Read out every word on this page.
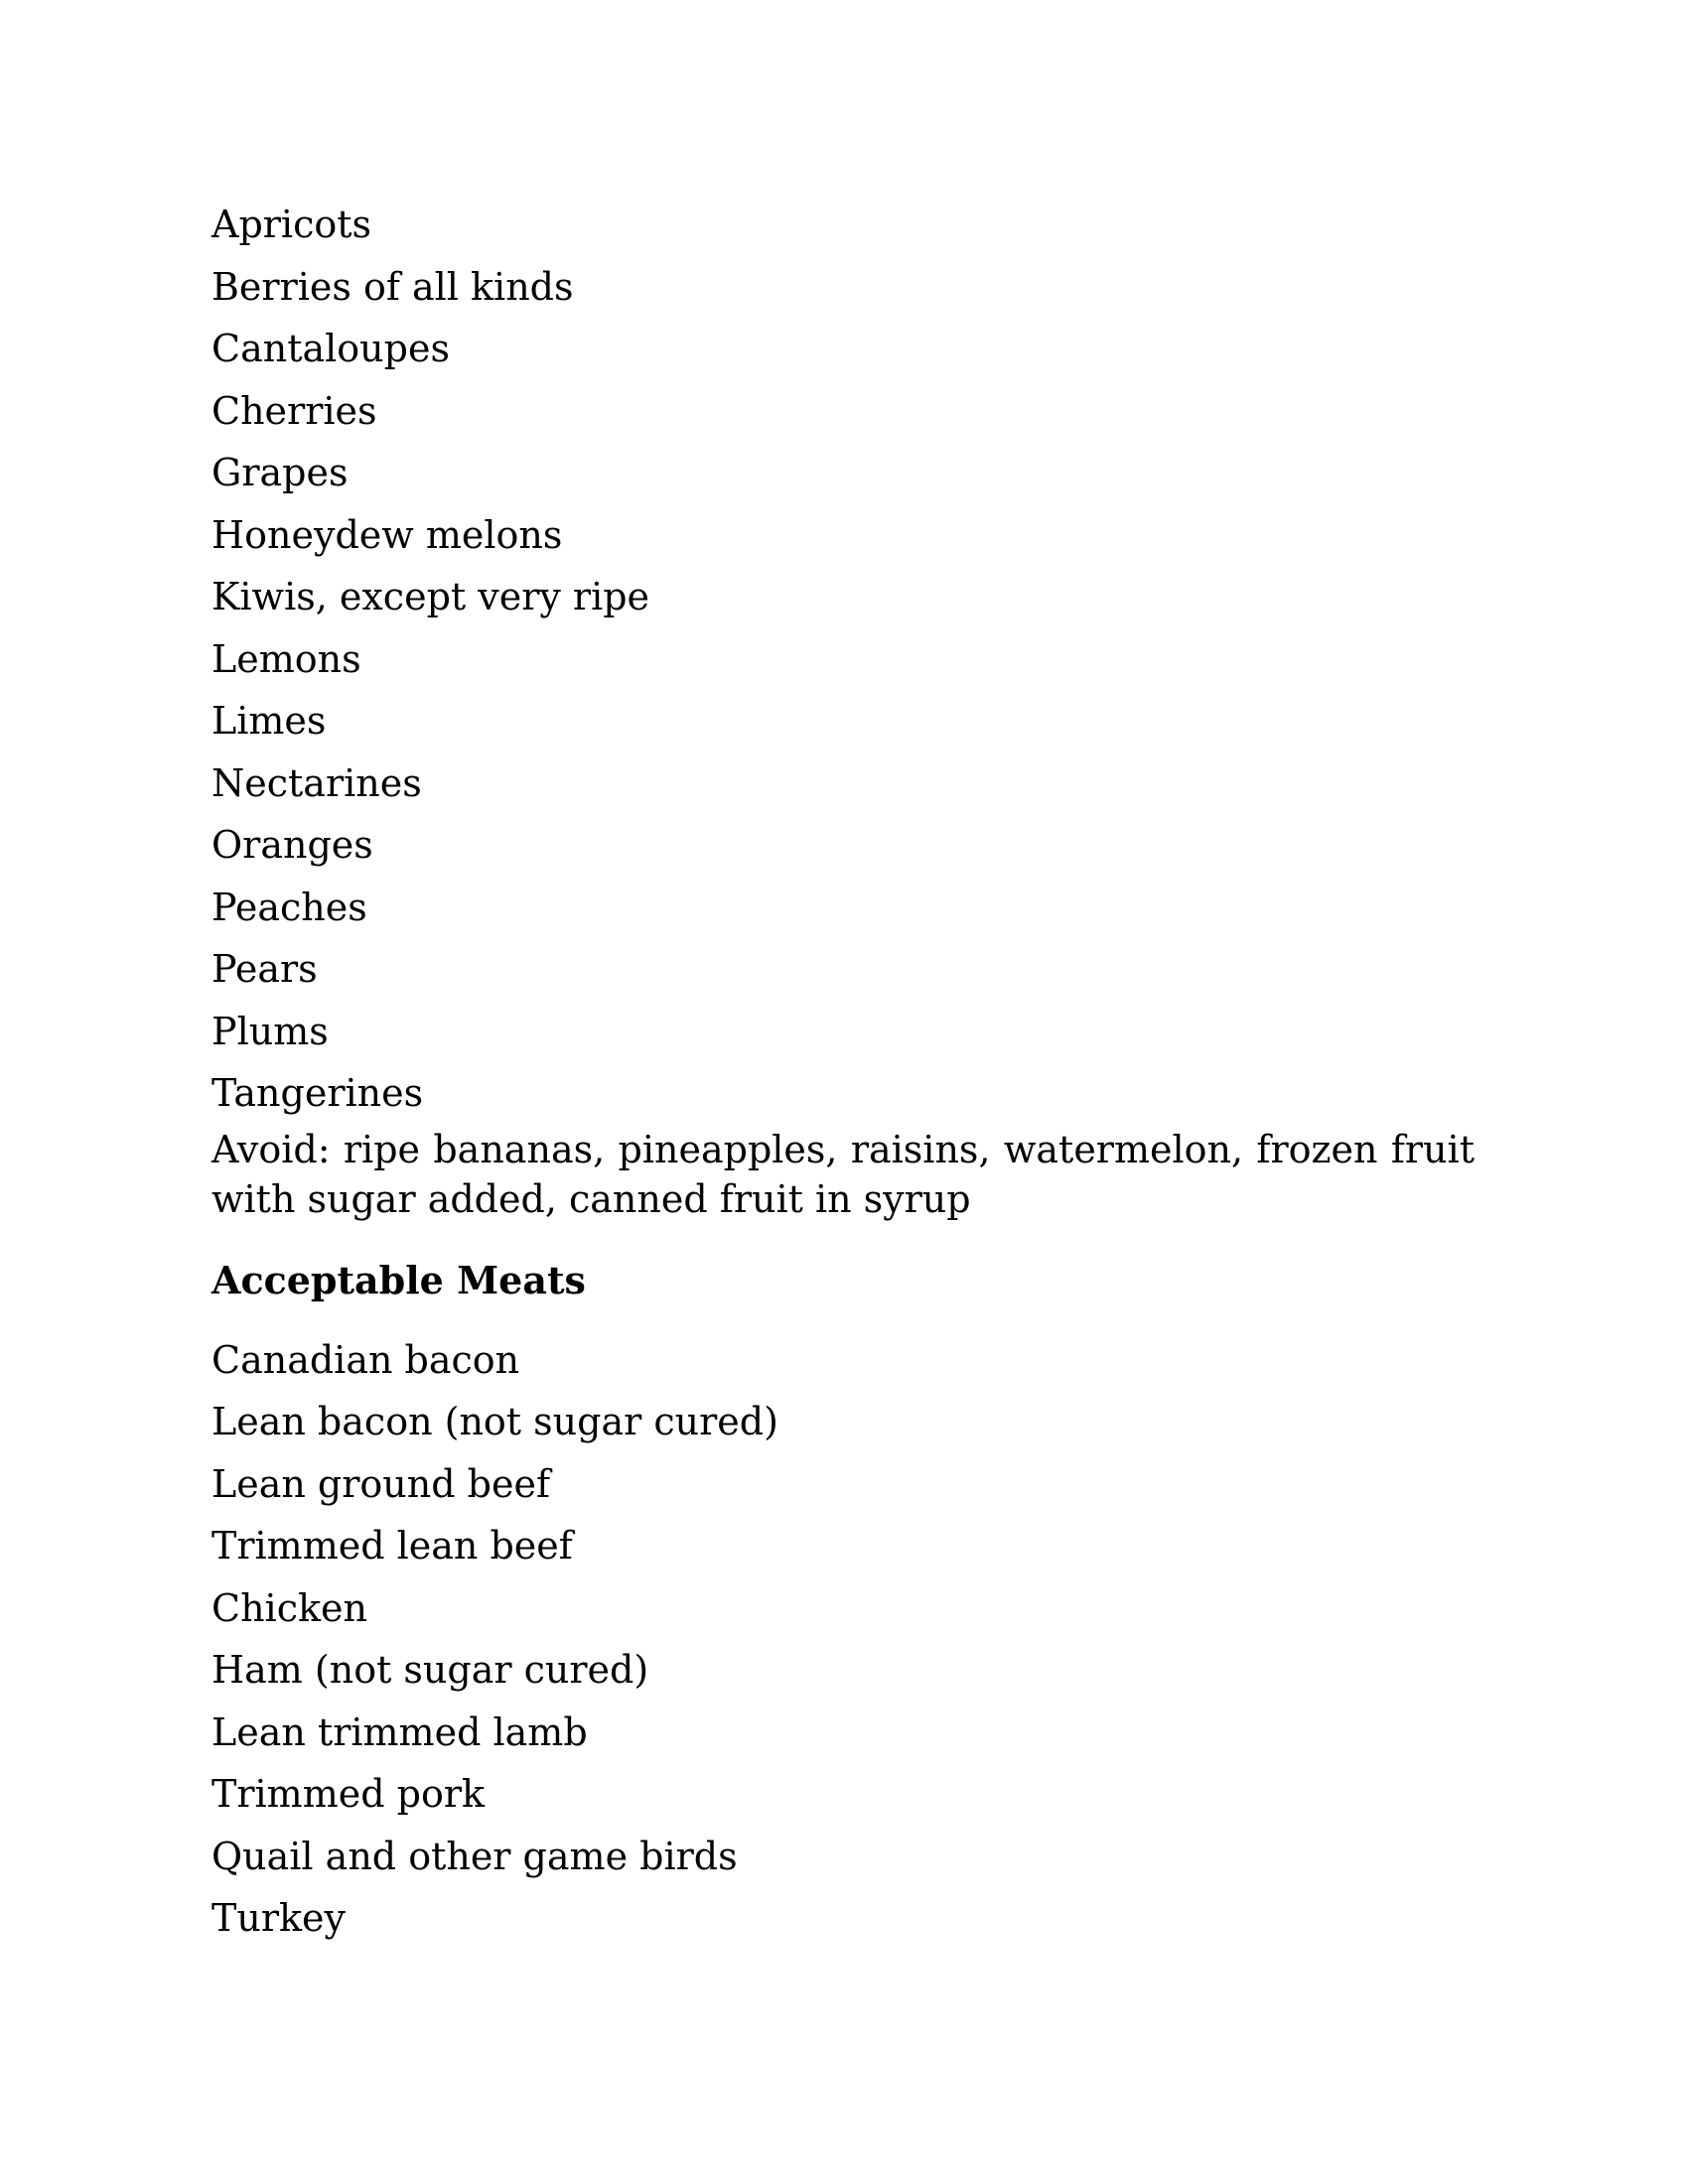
Apricots
Berries of all kinds
Cantaloupes
Cherries
Grapes
Honeydew melons
Kiwis, except very ripe
Lemons
Limes
Nectarines
Oranges
Peaches
Pears
Plums
Tangerines

Avoid: ripe bananas, pineapples, raisins, watermelon, frozen fruit with sugar added, canned fruit in syrup

Acceptable Meats
Canadian bacon
Lean bacon (not sugar cured)
Lean ground beef
Trimmed lean beef
Chicken
Ham (not sugar cured)
Lean trimmed lamb
Trimmed pork
Quail and other game birds
Turkey
